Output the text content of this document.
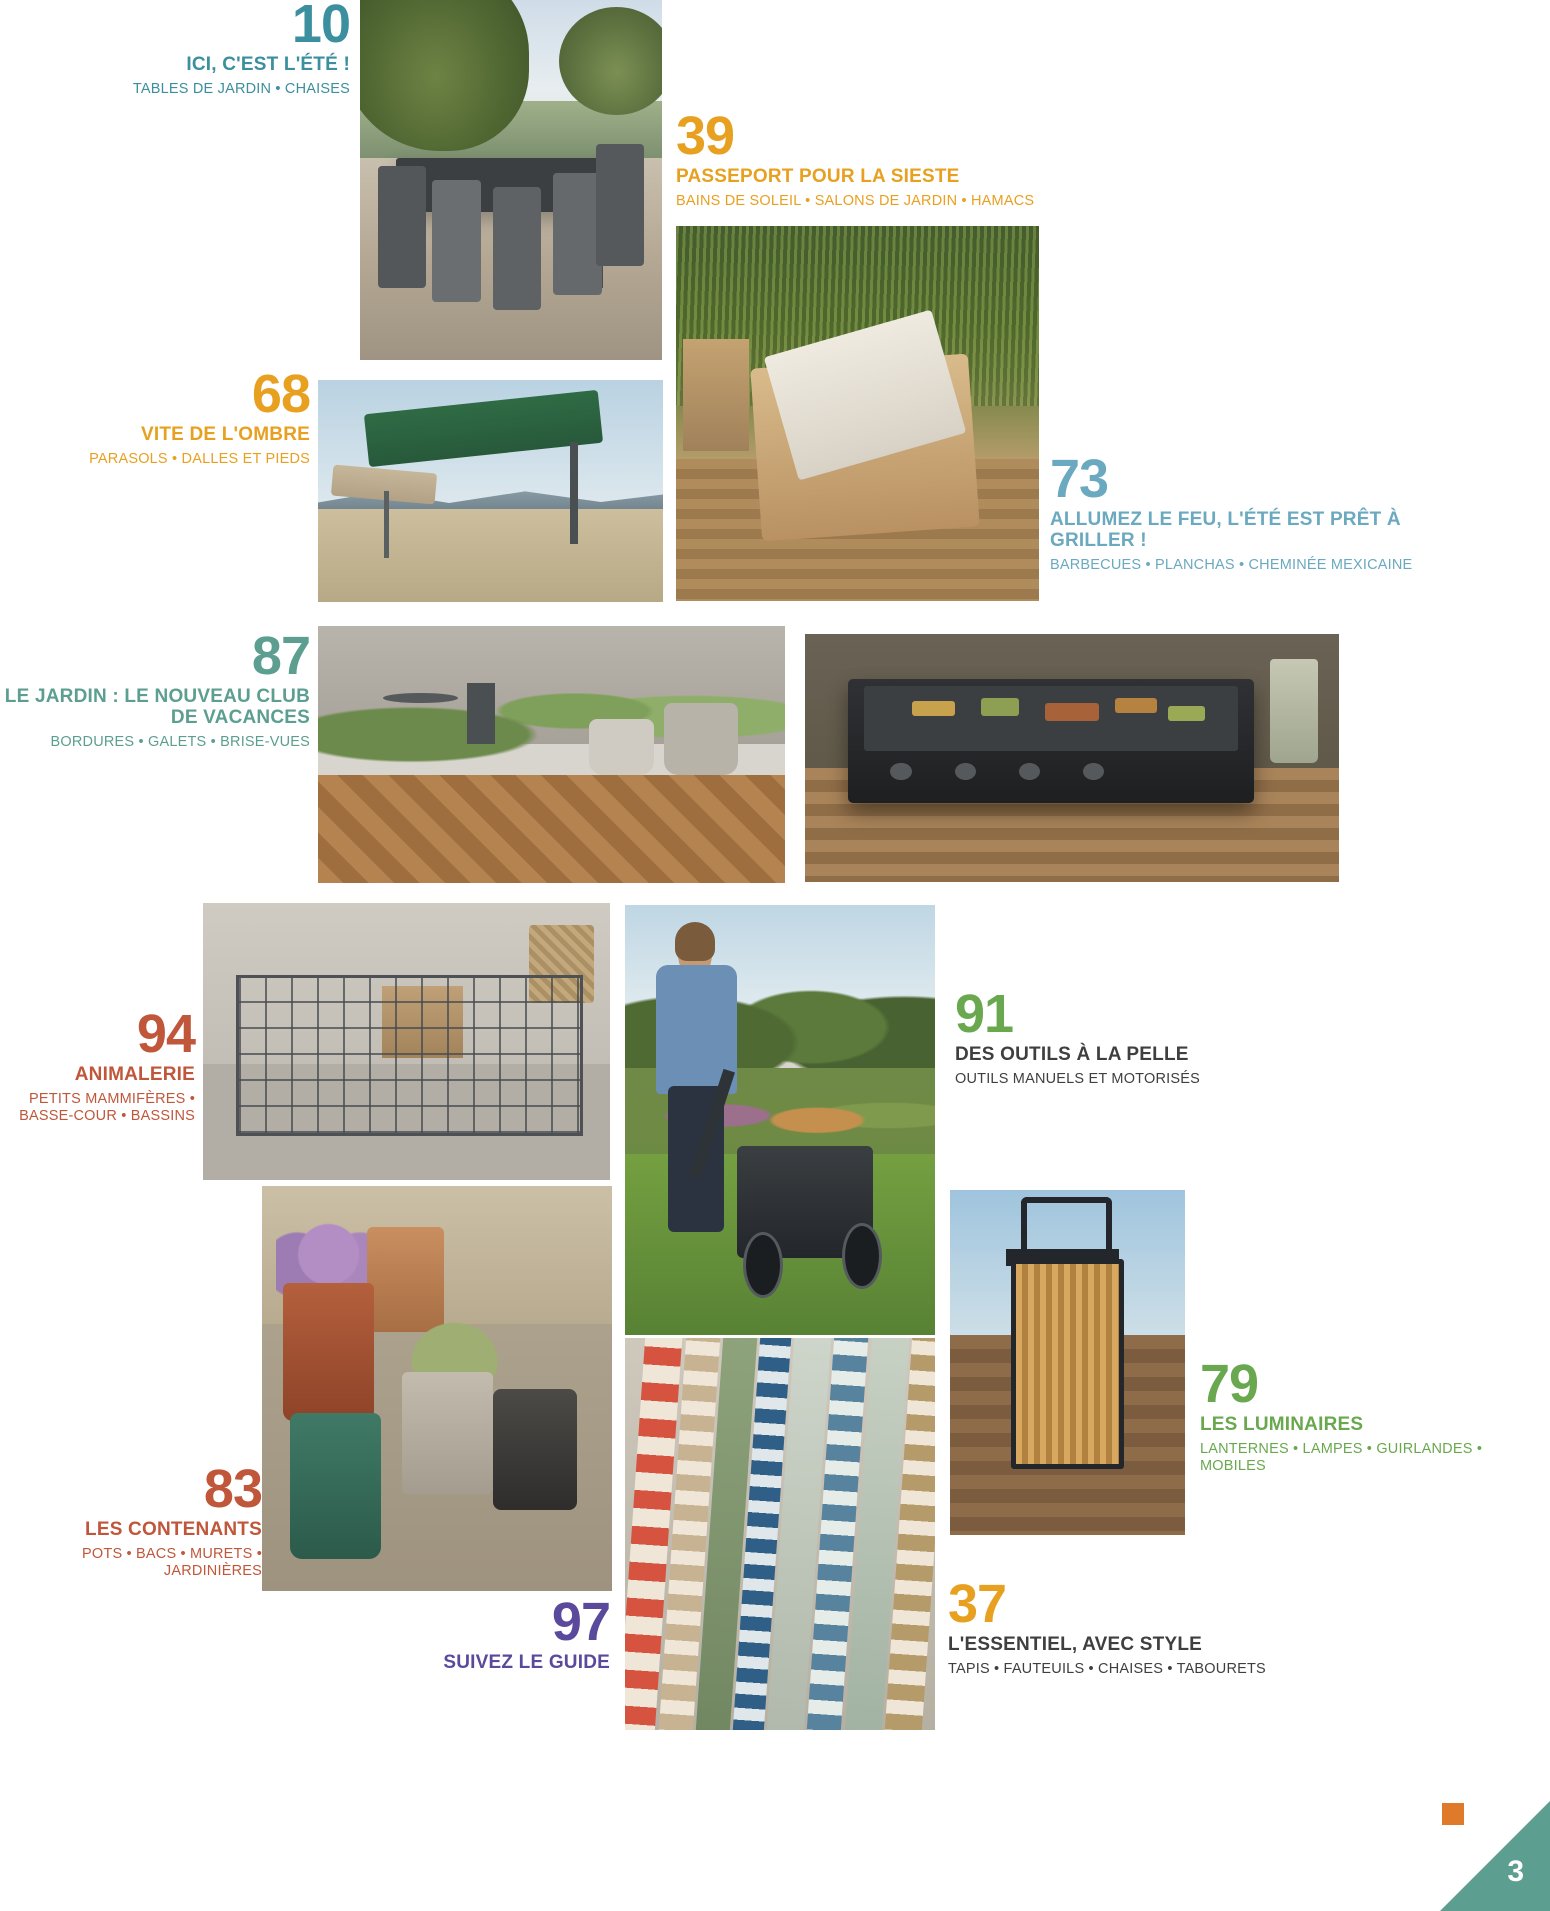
10
ICI, C'EST L'ÉTÉ !
TABLES DE JARDIN • CHAISES
39
PASSEPORT POUR LA SIESTE
BAINS DE SOLEIL • SALONS DE JARDIN • HAMACS
68
VITE DE L'OMBRE
PARASOLS • DALLES ET PIEDS	73
ALLUMEZ LE FEU, L'ÉTÉ EST PRÊT À GRILLER !
BARBECUES • PLANCHAS • CHEMINÉE MEXICAINE
87
LE JARDIN : LE NOUVEAU CLUB DE VACANCES
BORDURES • GALETS • BRISE-VUES
94
ANIMALERIE
PETITS MAMMIFÈRES • BASSE-COUR • BASSINS
91
DES OUTILS À LA PELLE
OUTILS MANUELS ET MOTORISÉS
79
LES LUMINAIRES
LANTERNES • LAMPES • GUIRLANDES • MOBILES
83
LES CONTENANTS
POTS • BACS • MURETS • JARDINIÈRES
97
SUIVEZ LE GUIDE
37
L'ESSENTIEL, AVEC STYLE
TAPIS • FAUTEUILS • CHAISES • TABOURETS
3
